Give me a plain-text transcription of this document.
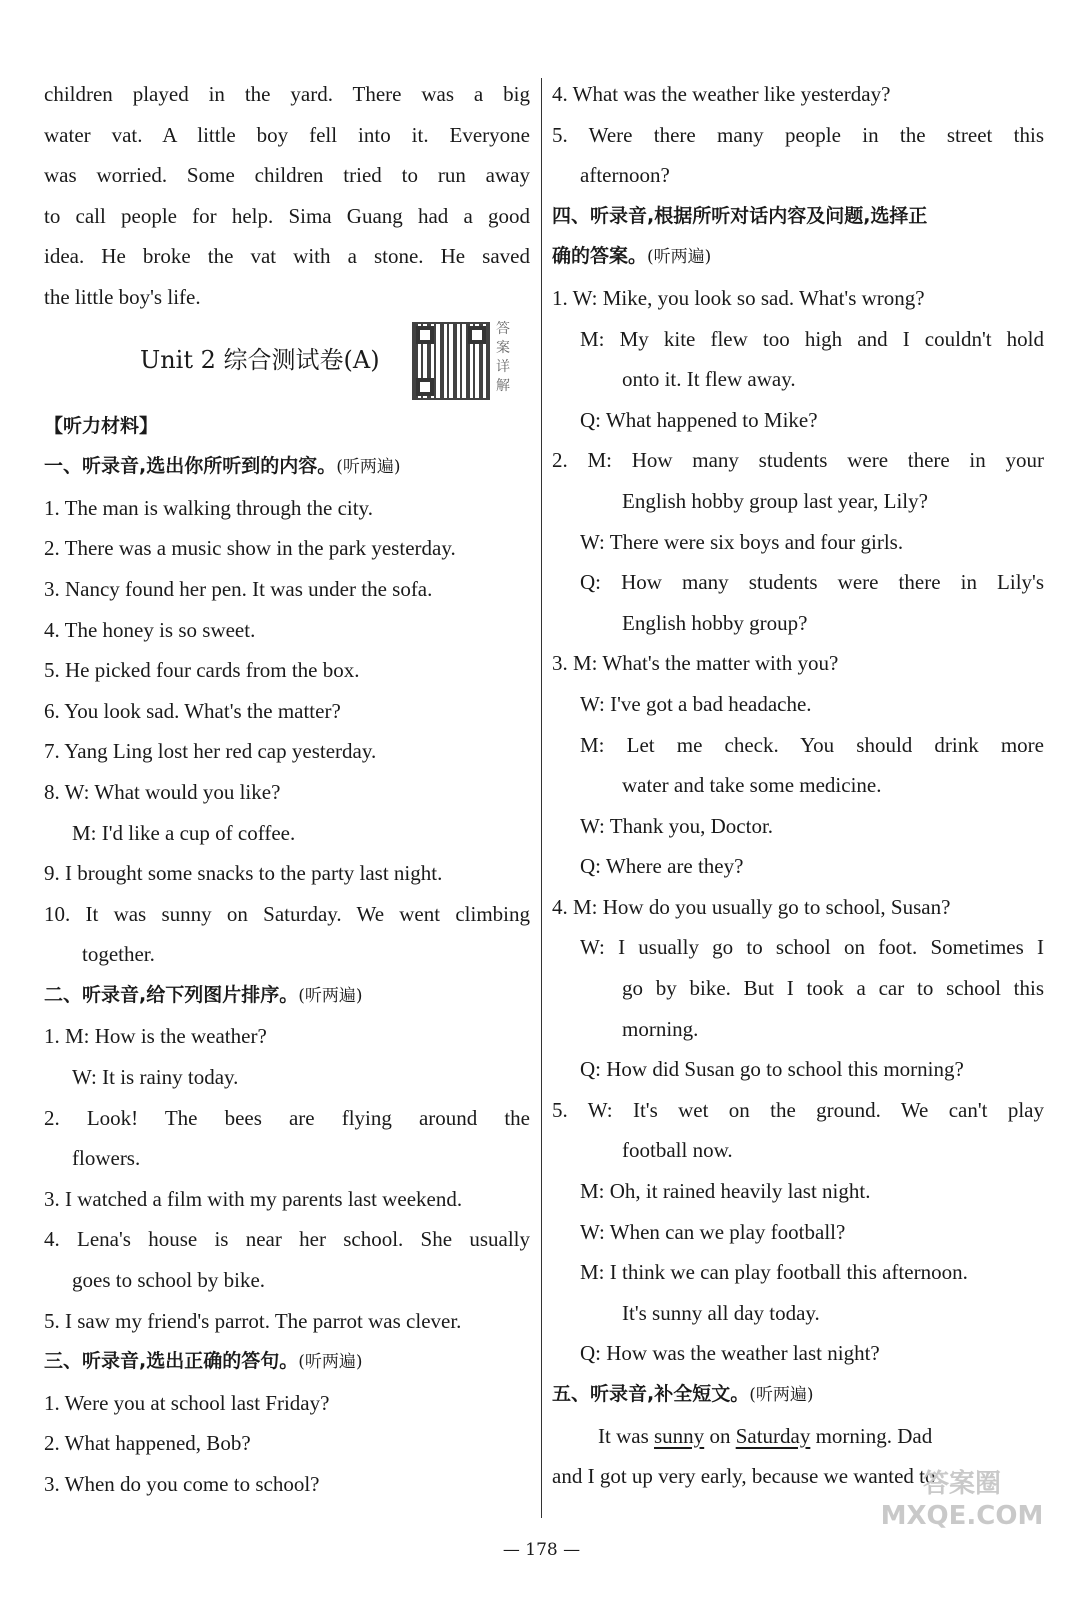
children played in the yard. There was a big
water vat. A little boy fell into it. Everyone
was worried. Some children tried to run away
to call people for help. Sima Guang had a good
idea. He broke the vat with a stone. He saved
the little boy's life.
Unit 2 综合测试卷(A)
答案详解
【听力材料】
一、听录音,选出你所听到的内容。(听两遍)
1. The man is walking through the city.
2. There was a music show in the park yesterday.
3. Nancy found her pen. It was under the sofa.
4. The honey is so sweet.
5. He picked four cards from the box.
6. You look sad. What's the matter?
7. Yang Ling lost her red cap yesterday.
8. W: What would you like?
M: I'd like a cup of coffee.
9. I brought some snacks to the party last night.
10. It was sunny on Saturday. We went climbing
together.
二、听录音,给下列图片排序。(听两遍)
1. M: How is the weather?
W: It is rainy today.
2. Look! The bees are flying around the
flowers.
3. I watched a film with my parents last weekend.
4. Lena's house is near her school. She usually
goes to school by bike.
5. I saw my friend's parrot. The parrot was clever.
三、听录音,选出正确的答句。(听两遍)
1. Were you at school last Friday?
2. What happened, Bob?
3. When do you come to school?
4. What was the weather like yesterday?
5. Were there many people in the street this
afternoon?
四、听录音,根据所听对话内容及问题,选择正
确的答案。(听两遍)
1. W: Mike, you look so sad. What's wrong?
M: My kite flew too high and I couldn't hold
onto it. It flew away.
Q: What happened to Mike?
2. M: How many students were there in your
English hobby group last year, Lily?
W: There were six boys and four girls.
Q: How many students were there in Lily's
English hobby group?
3. M: What's the matter with you?
W: I've got a bad headache.
M: Let me check. You should drink more
water and take some medicine.
W: Thank you, Doctor.
Q: Where are they?
4. M: How do you usually go to school, Susan?
W: I usually go to school on foot. Sometimes I
go by bike. But I took a car to school this
morning.
Q: How did Susan go to school this morning?
5. W: It's wet on the ground. We can't play
football now.
M: Oh, it rained heavily last night.
W: When can we play football?
M: I think we can play football this afternoon.
It's sunny all day today.
Q: How was the weather last night?
五、听录音,补全短文。(听两遍)
It was sunny on Saturday morning. Dad
and I got up very early, because we wanted to
— 178 —
答案圈 MXQE.COM
